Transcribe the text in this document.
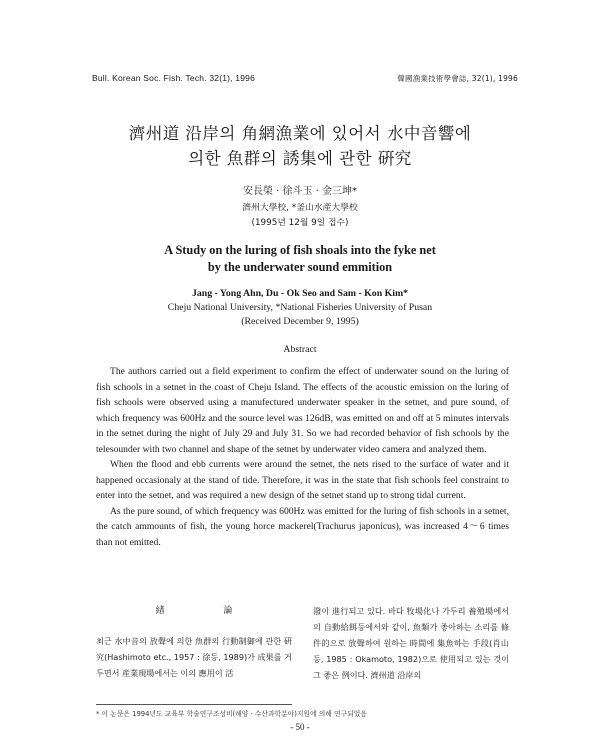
Bull. Korean Soc. Fish. Tech. 32(1), 1996	韓國漁業技術學會誌, 32(1), 1996
濟州道 沿岸의 角網漁業에 있어서 水中音響에
의한 魚群의 誘集에 관한 硏究
安長榮 · 徐斗玉 · 金三坤*
濟州大學校, *釜山水產大學校
(1995년 12월 9일 접수)
A Study on the luring of fish shoals into the fyke net
by the underwater sound emmition
Jang - Yong Ahn, Du - Ok Seo and Sam - Kon Kim*
Cheju National University, *National Fisheries University of Pusan
(Received December 9, 1995)
Abstract

The authors carried out a field experiment to confirm the effect of underwater sound on the luring of fish schools in a setnet in the coast of Cheju Island. The effects of the acoustic emission on the luring of fish schools were observed using a manufectured underwater speaker in the setnet, and pure sound, of which frequency was 600Hz and the source level was 126dB, was emitted on and off at 5 minutes intervals in the setnet during the night of July 29 and July 31. So we had recorded behavior of fish schools by the telesounder with two channel and shape of the setnet by underwater video camera and analyzed them.

When the flood and ebb currents were around the setnet, the nets rised to the surface of water and it happened occasionaly at the stand of tide. Therefore, it was in the state that fish schools feel constraint to enter into the setnet, and was required a new design of the setnet stand up to strong tidal current.

As the pure sound, of which frequency was 600Hz was emitted for the luring of fish schools in a setnet, the catch ammounts of fish, the young horce mackerel(Trachurus japonicus), was increased 4～6 times than not emitted.

緖 論

최근 水中音의 放聲에 의한 魚群의 行動制御에 관한 硏究(Hashimoto etc., 1957 : 徐등, 1989)가 成果를 거두면서 産業現場에서는 이의 應用이 活

潑이 進行되고 있다. 바다 牧場化나 가두리 養殖場에서의 自動給餌등에서와 같이, 魚類가 좋아하는 소리를 條件的으로 放聲하여 원하는 時間에 集魚하는 手段(肖山등, 1985 : Okamoto, 1982)으로 使用되고 있는 것이 그 좋은 例이다. 濟州道 沿岸의

* 이 논문은 1994년도 교육부 학술연구조성비(해양 · 수산과학분야)지원에 의해 연구되었음
- 50 -
